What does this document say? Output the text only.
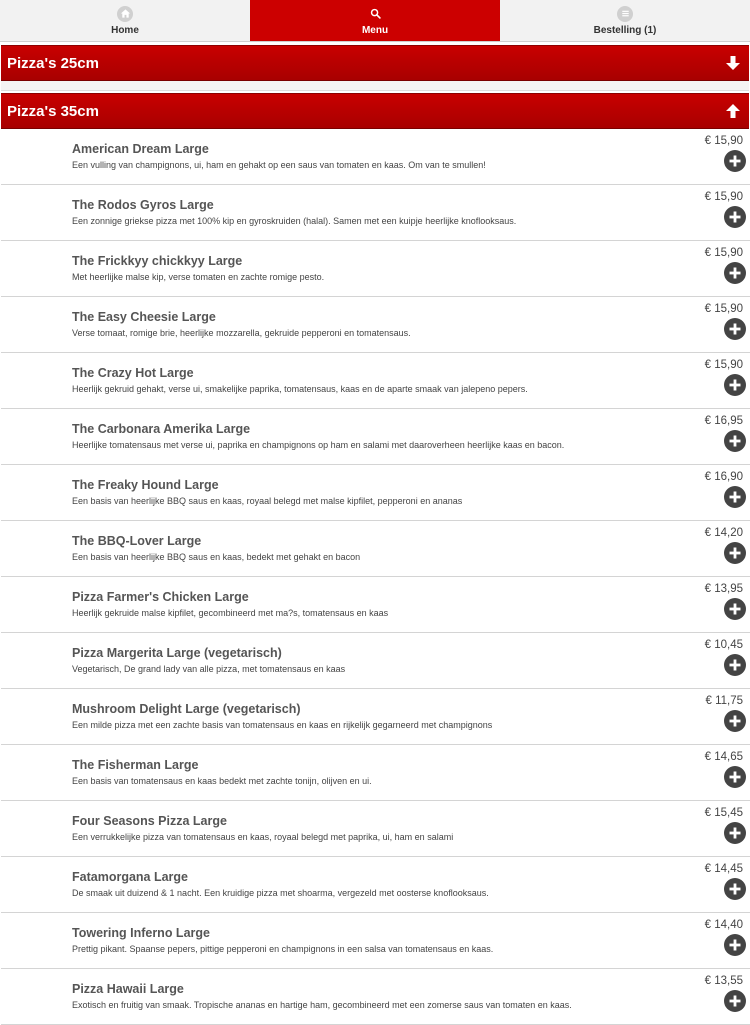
Home	Menu	Bestelling (1)
Pizza's 25cm
Pizza's 35cm
American Dream Large
Een vulling van champignons, ui, ham en gehakt op een saus van tomaten en kaas. Om van te smullen!
€ 15,90
The Rodos Gyros Large
Een zonnige griekse pizza met 100% kip en gyroskruiden (halal). Samen met een kuipje heerlijke knoflooksaus.
€ 15,90
The Frickkyy chickkyy Large
Met heerlijke malse kip, verse tomaten en zachte romige pesto.
€ 15,90
The Easy Cheesie Large
Verse tomaat, romige brie, heerlijke mozzarella, gekruide pepperoni en tomatensaus.
€ 15,90
The Crazy Hot Large
Heerlijk gekruid gehakt, verse ui, smakelijke paprika, tomatensaus, kaas en de aparte smaak van jalepeno pepers.
€ 15,90
The Carbonara Amerika Large
Heerlijke tomatensaus met verse ui, paprika en champignons op ham en salami met daaroverheen heerlijke kaas en bacon.
€ 16,95
The Freaky Hound Large
Een basis van heerlijke BBQ saus en kaas, royaal belegd met malse kipfilet, pepperoni en ananas
€ 16,90
The BBQ-Lover Large
Een basis van heerlijke BBQ saus en kaas, bedekt met gehakt en bacon
€ 14,20
Pizza Farmer's Chicken Large
Heerlijk gekruide malse kipfilet, gecombineerd met ma?s, tomatensaus en kaas
€ 13,95
Pizza Margerita Large (vegetarisch)
Vegetarisch, De grand lady van alle pizza, met tomatensaus en kaas
€ 10,45
Mushroom Delight Large (vegetarisch)
Een milde pizza met een zachte basis van tomatensaus en kaas en rijkelijk gegarneerd met champignons
€ 11,75
The Fisherman Large
Een basis van tomatensaus en kaas bedekt met zachte tonijn, olijven en ui.
€ 14,65
Four Seasons Pizza Large
Een verrukkelijke pizza van tomatensaus en kaas, royaal belegd met paprika, ui, ham en salami
€ 15,45
Fatamorgana Large
De smaak uit duizend & 1 nacht. Een kruidige pizza met shoarma, vergezeld met oosterse knoflooksaus.
€ 14,45
Towering Inferno Large
Prettig pikant. Spaanse pepers, pittige pepperoni en champignons in een salsa van tomatensaus en kaas.
€ 14,40
Pizza Hawaii Large
Exotisch en fruitig van smaak. Tropische ananas en hartige ham, gecombineerd met een zomerse saus van tomaten en kaas.
€ 13,55
